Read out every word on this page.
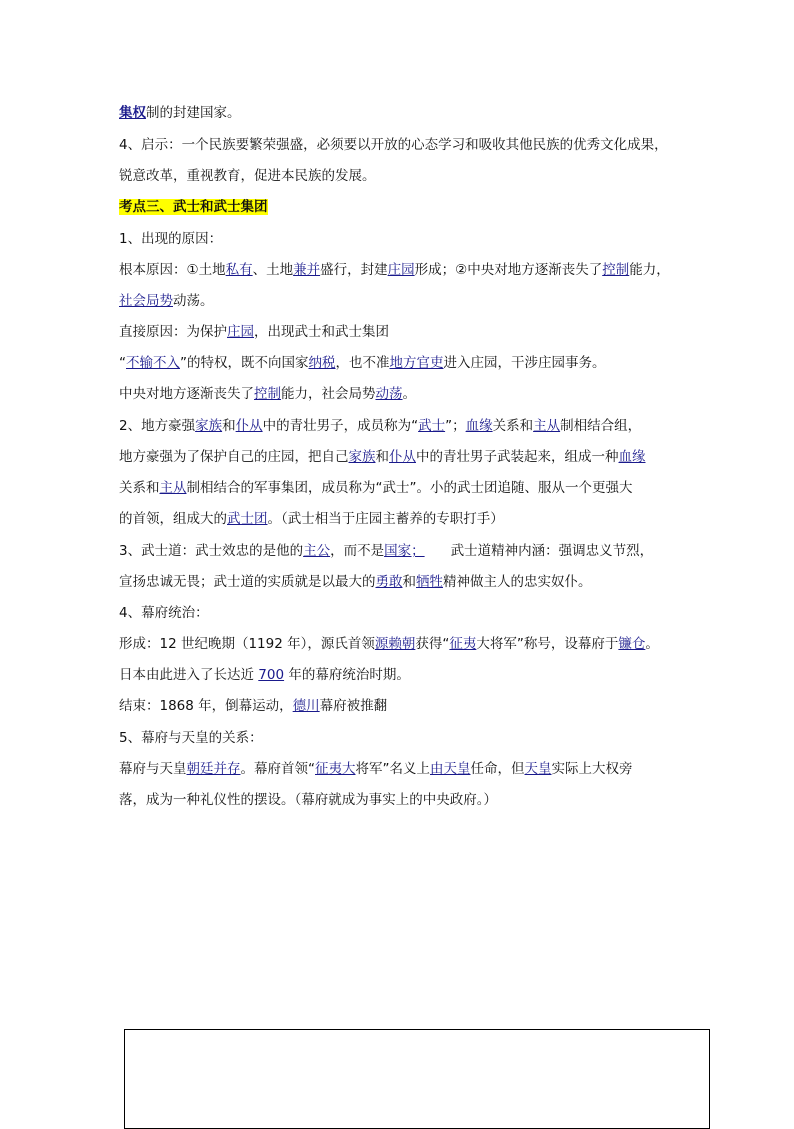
集权制的封建国家。
4、启示：一个民族要繁荣强盛，必须要以开放的心态学习和吸收其他民族的优秀文化成果，
锐意改革，重视教育，促进本民族的发展。
考点三、武士和武士集团
1、出现的原因：
根本原因：①土地私有、土地兼并盛行，封建庄园形成；②中央对地方逐渐丧失了控制能力，
社会局势动荡。
直接原因：为保护庄园，出现武士和武士集团
“不输不入”的特权，既不向国家纳税，也不准地方官吏进入庄园，干涉庄园事务。
中央对地方逐渐丧失了控制能力，社会局势动荡。
2、地方豪强家族和仆从中的青壮男子，成员称为“武士”；血缘关系和主从制相结合组，
地方豪强为了保护自己的庄园，把自己家族和仆从中的青壮男子武装起来，组成一种血缘
关系和主从制相结合的军事集团，成员称为“武士”。小的武士团追随、服从一个更强大
的首领，组成大的武士团。（武士相当于庄园主蓄养的专职打手）
3、武士道：武士效忠的是他的主公，而不是国家； 武士道精神内涵：强调忠义节烈，
宣扬忠诚无畏；武士道的实质就是以最大的勇敢和牺牲精神做主人的忠实奴仆。
4、幕府统治：
形成：12 世纪晚期（1192 年），源氏首领源赖朝获得“征夷大将军”称号，设幕府于镰仓。
日本由此进入了长达近 700 年的幕府统治时期。
结束：1868 年，倒幕运动，德川幕府被推翻
5、幕府与天皇的关系：
幕府与天皇朝廷并存。幕府首领“征夷大将军”名义上由天皇任命，但天皇实际上大权旁
落，成为一种礼仪性的摆设。（幕府就成为事实上的中央政府。）
